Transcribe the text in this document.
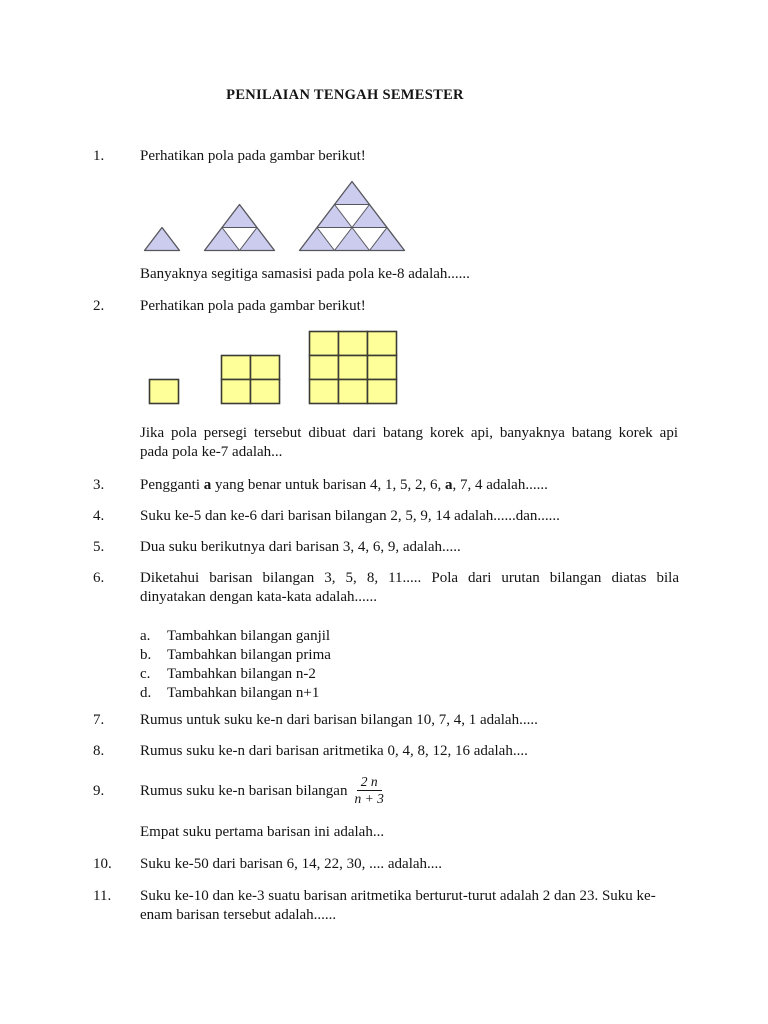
PENILAIAN TENGAH SEMESTER
1.	Perhatikan pola pada gambar berikut!
Banyaknya segitiga samasisi pada pola ke-8 adalah......
2.	Perhatikan pola pada gambar berikut!
Jika pola persegi tersebut dibuat dari batang korek api, banyaknya batang korek api
pada pola ke-7 adalah...
3.	Pengganti a yang benar untuk barisan 4, 1, 5, 2, 6, a, 7, 4 adalah......
4.	Suku ke-5 dan ke-6 dari barisan bilangan 2, 5, 9, 14 adalah......dan......
5.	Dua suku berikutnya dari barisan 3, 4, 6, 9, adalah.....
6.	Diketahui barisan bilangan 3, 5, 8, 11..... Pola dari urutan bilangan diatas bila
dinyatakan dengan kata-kata adalah......
a.	Tambahkan bilangan ganjil
b.	Tambahkan bilangan prima
c.	Tambahkan bilangan n-2
d.	Tambahkan bilangan n+1
7.	Rumus untuk suku ke-n dari barisan bilangan 10, 7, 4, 1 adalah.....
8.	Rumus suku ke-n dari barisan aritmetika 0, 4, 8, 12, 16 adalah....
9.	Rumus suku ke-n barisan bilangan $\frac{2 n}{n + 3}$
Empat suku pertama barisan ini adalah...
10.	Suku ke-50 dari barisan 6, 14, 22, 30, .... adalah....
11.	Suku ke-10 dan ke-3 suatu barisan aritmetika berturut-turut adalah 2 dan 23. Suku ke-
enam barisan tersebut adalah......
